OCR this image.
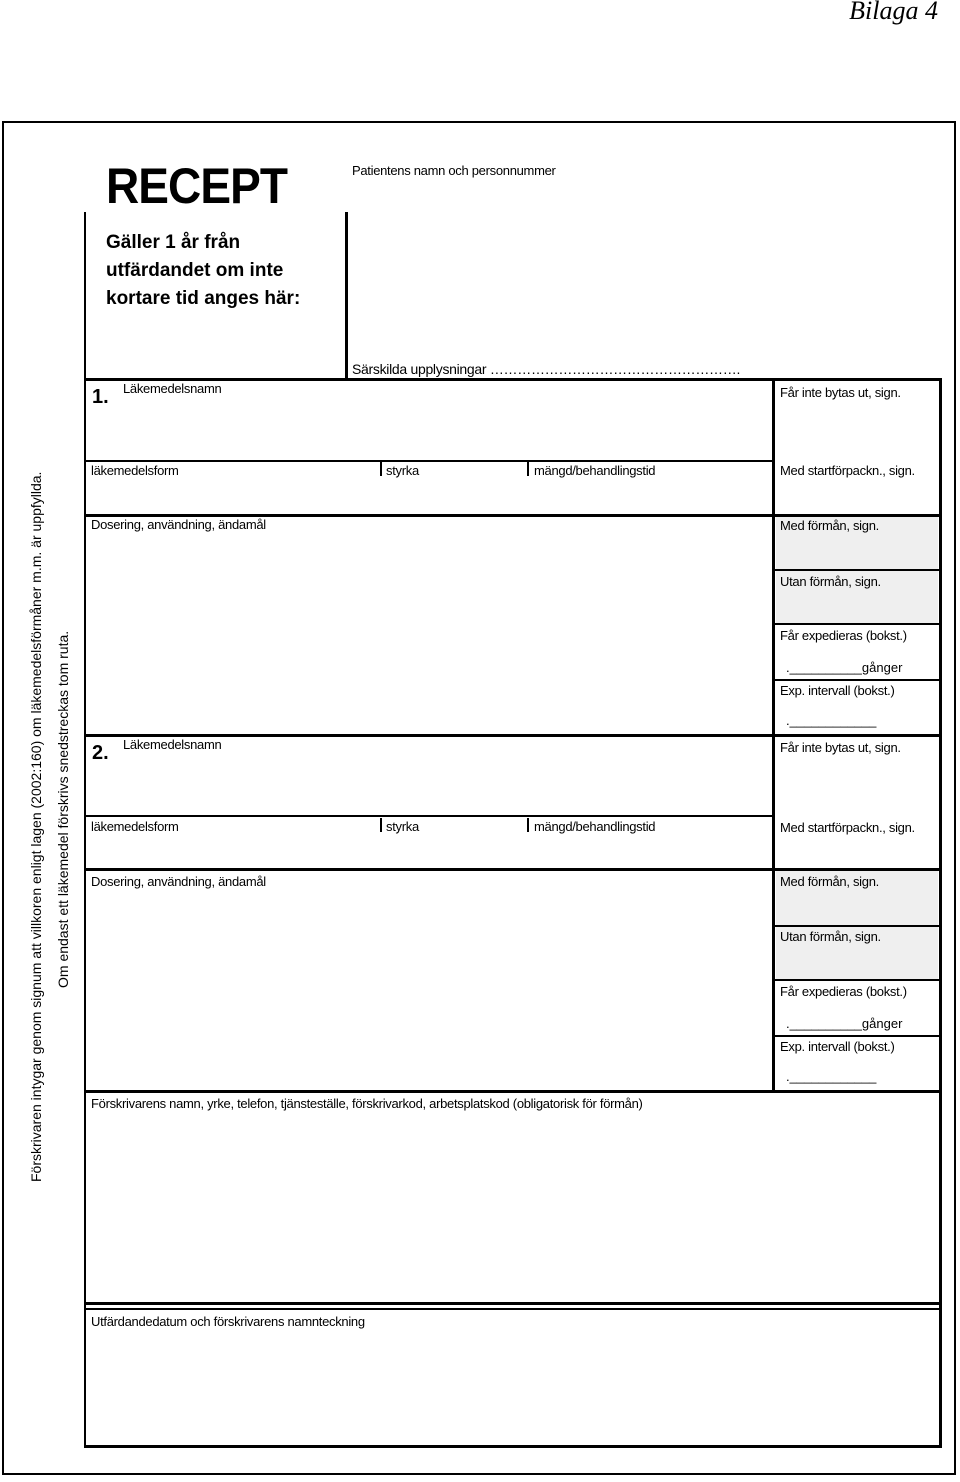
Bilaga 4
RECEPT
Gäller 1 år från
utfärdandet om inte
kortare tid anges här:
Patientens namn och personnummer
Särskilda upplysningar ……………………………………………….
1. Läkemedelsnamn
läkemedelsform	styrka	mängd/behandlingstid
Dosering, användning, ändamål
Får inte bytas ut, sign.
Med startförpackn., sign.
Med förmån, sign.
Utan förmån, sign.
Får expedieras (bokst.)
.__________gånger
Exp. intervall (bokst.)
.____________
2. Läkemedelsnamn
läkemedelsform	styrka	mängd/behandlingstid
Dosering, användning, ändamål
Får inte bytas ut, sign.
Med startförpackn., sign.
Med förmån, sign.
Utan förmån, sign.
Får expedieras (bokst.)
.__________gånger
Exp. intervall (bokst.)
.____________
Förskrivarens namn, yrke, telefon, tjänsteställe, förskrivarkod, arbetsplatskod (obligatorisk för förmån)
Utfärdandedatum och förskrivarens namnteckning
Förskrivaren intygar genom signum att villkoren enligt lagen (2002:160) om läkemedelsförmåner m.m. är uppfyllda. Om endast ett läkemedel förskrivs snedstreckas tom ruta.
